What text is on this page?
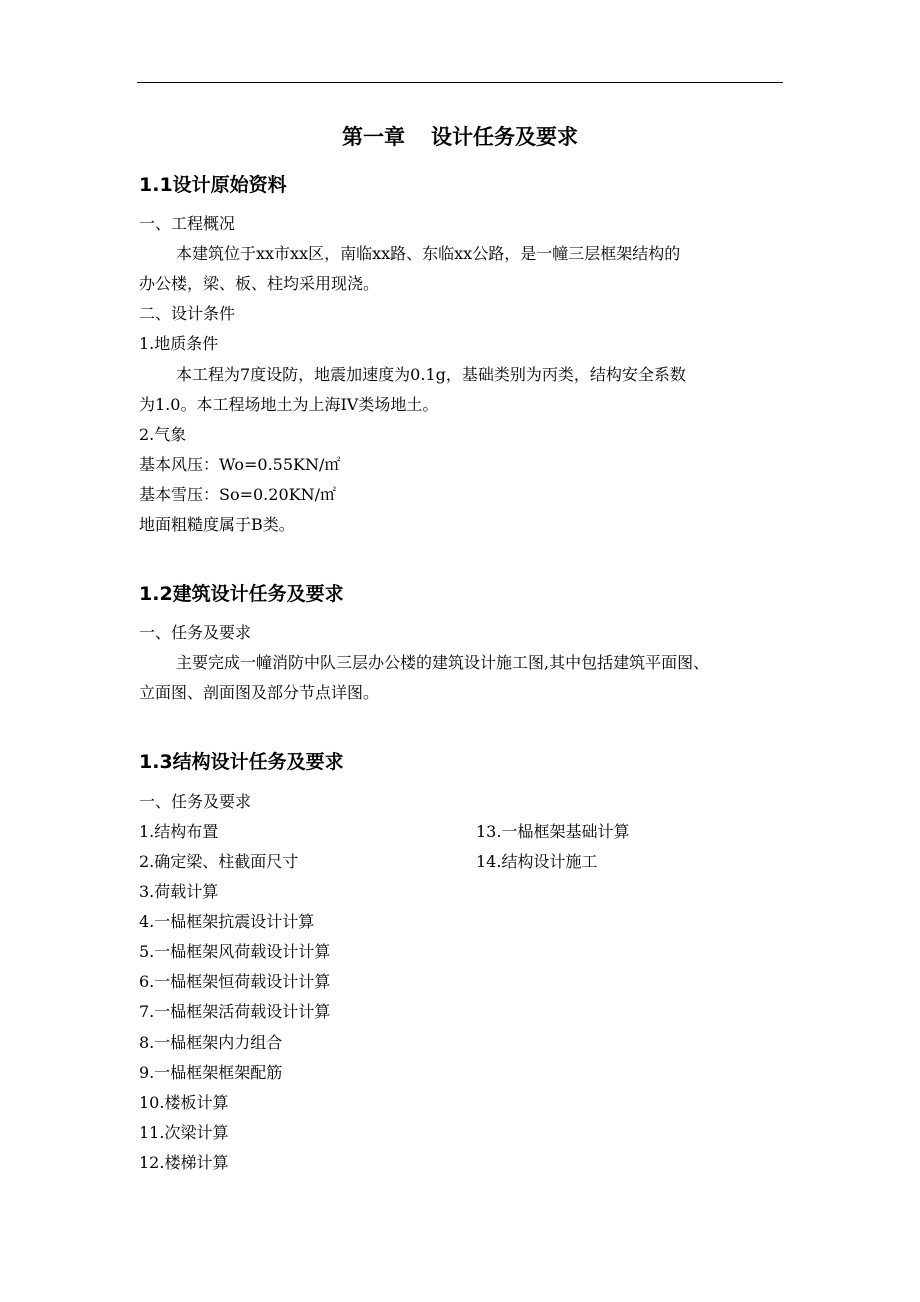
第一章 设计任务及要求
1.1设计原始资料
一、工程概况
本建筑位于xx市xx区，南临xx路、东临xx公路，是一幢三层框架结构的
办公楼，梁、板、柱均采用现浇。
二、设计条件
1.地质条件
本工程为7度设防，地震加速度为0.1g，基础类别为丙类，结构安全系数
为1.0。本工程场地土为上海IV类场地土。
2.气象
基本风压：Wo=0.55KN/㎡
基本雪压：So=0.20KN/㎡
地面粗糙度属于B类。
1.2建筑设计任务及要求
一、任务及要求
主要完成一幢消防中队三层办公楼的建筑设计施工图,其中包括建筑平面图、
立面图、剖面图及部分节点详图。
1.3结构设计任务及要求
一、任务及要求
1.结构布置
2.确定梁、柱截面尺寸
3.荷载计算
4.一榀框架抗震设计计算
5.一榀框架风荷载设计计算
6.一榀框架恒荷载设计计算
7.一榀框架活荷载设计计算
8.一榀框架内力组合
9.一榀框架框架配筋
10.楼板计算
11.次梁计算
12.楼梯计算
13.一榀框架基础计算
14.结构设计施工
